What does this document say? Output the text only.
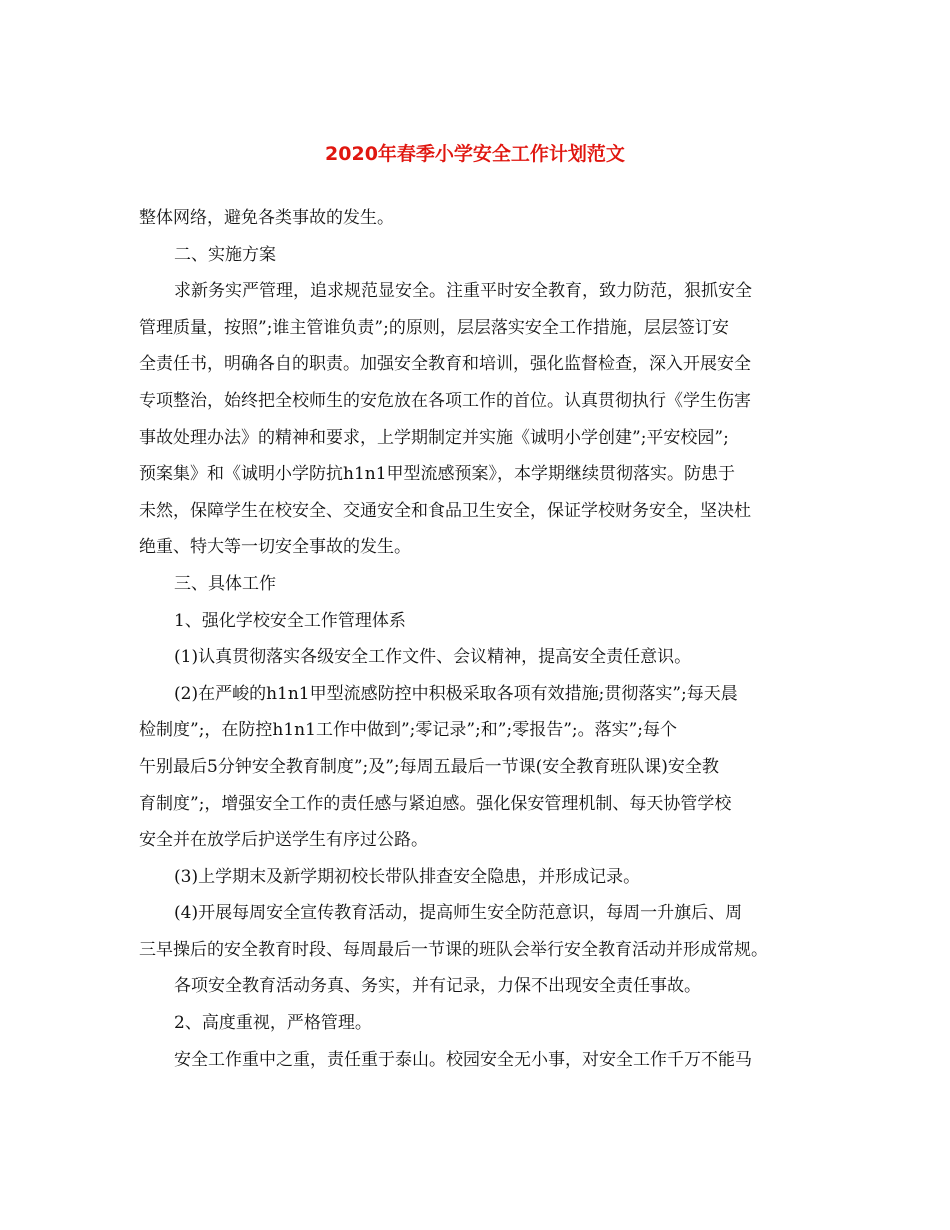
2020年春季小学安全工作计划范文
整体网络，避免各类事故的发生。
二、实施方案
求新务实严管理，追求规范显安全。注重平时安全教育，致力防范，狠抓安全
管理质量，按照”;谁主管谁负责”;的原则，层层落实安全工作措施，层层签订安
全责任书，明确各自的职责。加强安全教育和培训，强化监督检查，深入开展安全
专项整治，始终把全校师生的安危放在各项工作的首位。认真贯彻执行《学生伤害
事故处理办法》的精神和要求，上学期制定并实施《诚明小学创建”;平安校园”;
预案集》和《诚明小学防抗h1n1甲型流感预案》，本学期继续贯彻落实。防患于
未然，保障学生在校安全、交通安全和食品卫生安全，保证学校财务安全，坚决杜
绝重、特大等一切安全事故的发生。
三、具体工作
1、强化学校安全工作管理体系
(1)认真贯彻落实各级安全工作文件、会议精神，提高安全责任意识。
(2)在严峻的h1n1甲型流感防控中积极采取各项有效措施;贯彻落实”;每天晨
检制度”;，在防控h1n1工作中做到”;零记录”;和”;零报告”;。落实”;每个
午别最后5分钟安全教育制度”;及”;每周五最后一节课(安全教育班队课)安全教
育制度”;，增强安全工作的责任感与紧迫感。强化保安管理机制、每天协管学校
安全并在放学后护送学生有序过公路。
(3)上学期末及新学期初校长带队排查安全隐患，并形成记录。
(4)开展每周安全宣传教育活动，提高师生安全防范意识，每周一升旗后、周
三早操后的安全教育时段、每周最后一节课的班队会举行安全教育活动并形成常规。
各项安全教育活动务真、务实，并有记录，力保不出现安全责任事故。
2、高度重视，严格管理。
安全工作重中之重，责任重于泰山。校园安全无小事，对安全工作千万不能马
